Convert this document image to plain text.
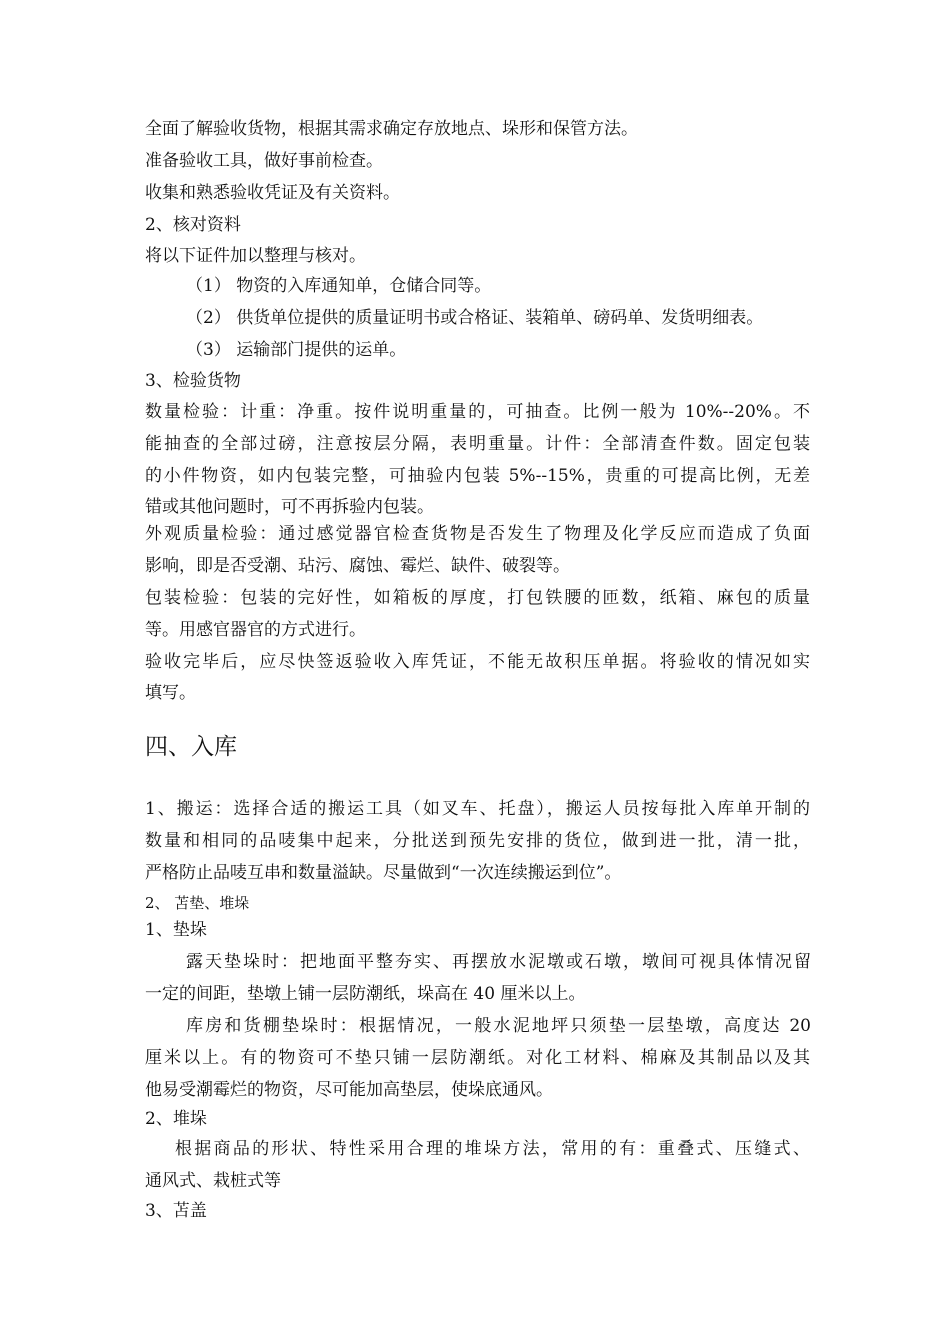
全面了解验收货物，根据其需求确定存放地点、垛形和保管方法。
准备验收工具，做好事前检查。
收集和熟悉验收凭证及有关资料。
2、核对资料
将以下证件加以整理与核对。
（1） 物资的入库通知单，仓储合同等。
（2） 供货单位提供的质量证明书或合格证、装箱单、磅码单、发货明细表。
（3） 运输部门提供的运单。
3、检验货物
数量检验：计重：净重。按件说明重量的，可抽查。比例一般为 10%--20%。不
能抽查的全部过磅，注意按层分隔，表明重量。计件：全部清查件数。固定包装
的小件物资，如内包装完整，可抽验内包装 5%--15%，贵重的可提高比例，无差
错或其他问题时，可不再拆验内包装。
外观质量检验：通过感觉器官检查货物是否发生了物理及化学反应而造成了负面
影响，即是否受潮、玷污、腐蚀、霉烂、缺件、破裂等。
包装检验：包装的完好性，如箱板的厚度，打包铁腰的匝数，纸箱、麻包的质量
等。用感官器官的方式进行。
验收完毕后，应尽快签返验收入库凭证，不能无故积压单据。将验收的情况如实
填写。
四、入库
1、搬运：选择合适的搬运工具（如叉车、托盘），搬运人员按每批入库单开制的
数量和相同的品唛集中起来，分批送到预先安排的货位，做到进一批，清一批，
严格防止品唛互串和数量溢缺。尽量做到“一次连续搬运到位”。
2、 苫垫、堆垛
1、垫垛
露天垫垛时：把地面平整夯实、再摆放水泥墩或石墩，墩间可视具体情况留
一定的间距，垫墩上铺一层防潮纸，垛高在 40 厘米以上。
库房和货棚垫垛时：根据情况，一般水泥地坪只须垫一层垫墩，高度达 20
厘米以上。有的物资可不垫只铺一层防潮纸。对化工材料、棉麻及其制品以及其
他易受潮霉烂的物资，尽可能加高垫层，使垛底通风。
2、堆垛
根据商品的形状、特性采用合理的堆垛方法，常用的有：重叠式、压缝式、
通风式、栽桩式等
3、苫盖
